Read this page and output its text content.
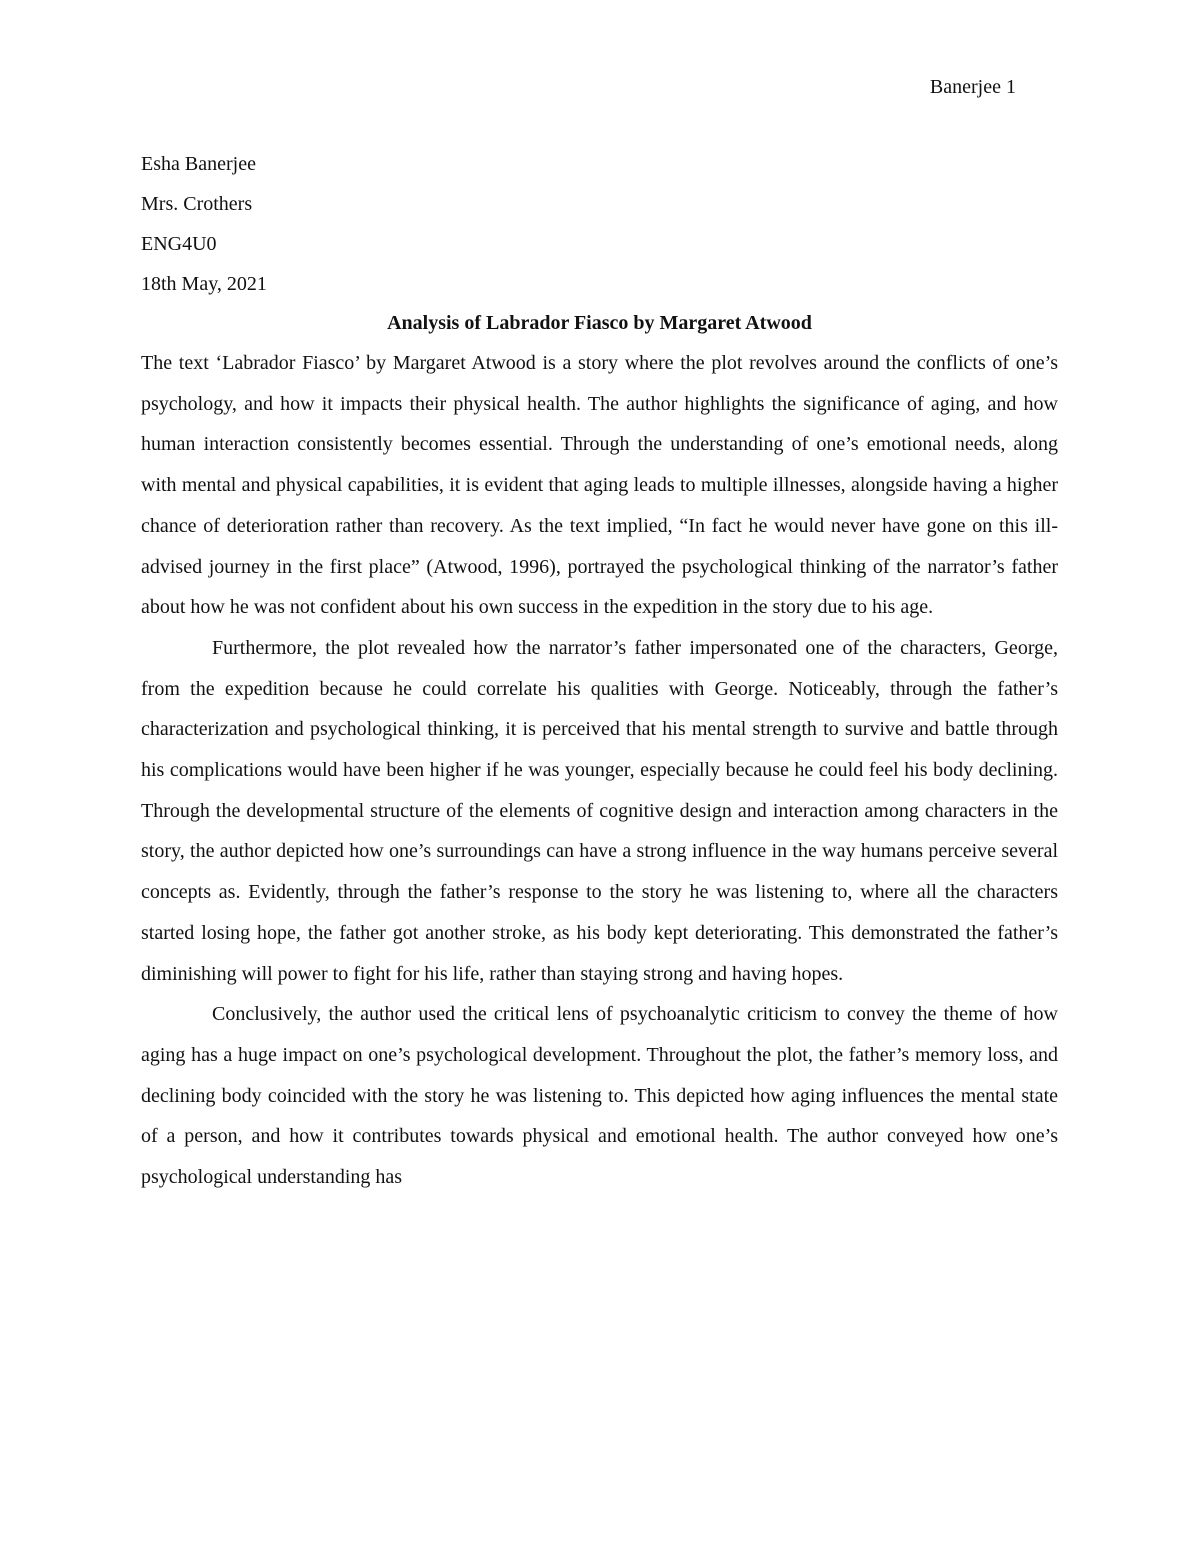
Banerjee 1
Esha Banerjee
Mrs. Crothers
ENG4U0
18th May, 2021
Analysis of Labrador Fiasco by Margaret Atwood

The text ‘Labrador Fiasco’ by Margaret Atwood is a story where the plot revolves around the conflicts of one’s psychology, and how it impacts their physical health. The author highlights the significance of aging, and how human interaction consistently becomes essential. Through the understanding of one’s emotional needs, along with mental and physical capabilities, it is evident that aging leads to multiple illnesses, alongside having a higher chance of deterioration rather than recovery. As the text implied, “In fact he would never have gone on this ill-advised journey in the first place” (Atwood, 1996), portrayed the psychological thinking of the narrator’s father about how he was not confident about his own success in the expedition in the story due to his age.

Furthermore, the plot revealed how the narrator’s father impersonated one of the characters, George, from the expedition because he could correlate his qualities with George. Noticeably, through the father’s characterization and psychological thinking, it is perceived that his mental strength to survive and battle through his complications would have been higher if he was younger, especially because he could feel his body declining. Through the developmental structure of the elements of cognitive design and interaction among characters in the story, the author depicted how one’s surroundings can have a strong influence in the way humans perceive several concepts as. Evidently, through the father’s response to the story he was listening to, where all the characters started losing hope, the father got another stroke, as his body kept deteriorating. This demonstrated the father’s diminishing will power to fight for his life, rather than staying strong and having hopes.

Conclusively, the author used the critical lens of psychoanalytic criticism to convey the theme of how aging has a huge impact on one’s psychological development. Throughout the plot, the father’s memory loss, and declining body coincided with the story he was listening to. This depicted how aging influences the mental state of a person, and how it contributes towards physical and emotional health. The author conveyed how one’s psychological understanding has
